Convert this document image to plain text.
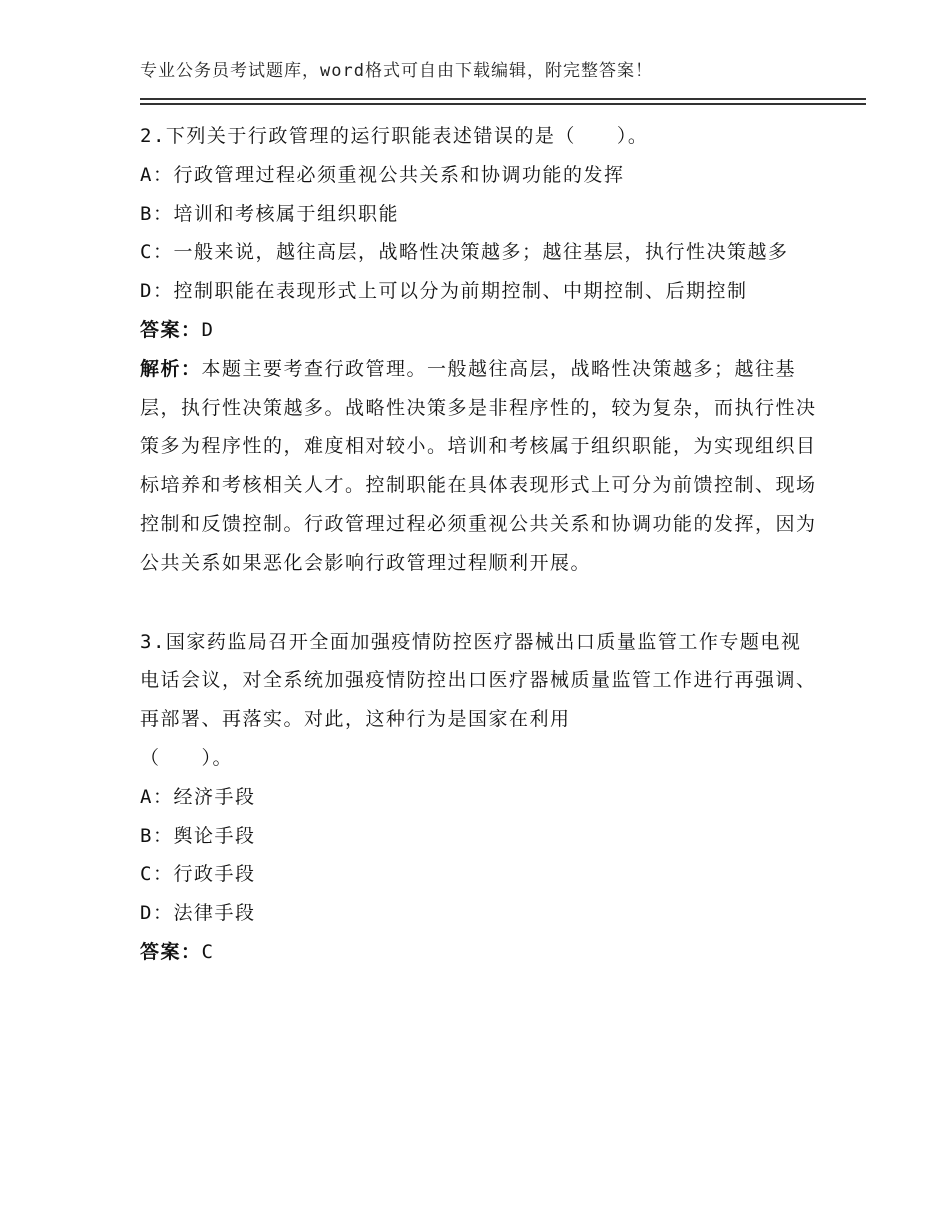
专业公务员考试题库，word格式可自由下载编辑，附完整答案！

2.下列关于行政管理的运行职能表述错误的是（　　）。

A：行政管理过程必须重视公共关系和协调功能的发挥

B：培训和考核属于组织职能

C：一般来说，越往高层，战略性决策越多；越往基层，执行性决策越多

D：控制职能在表现形式上可以分为前期控制、中期控制、后期控制

答案：D

解析：本题主要考查行政管理。一般越往高层，战略性决策越多；越往基层，执行性决策越多。战略性决策多是非程序性的，较为复杂，而执行性决策多为程序性的，难度相对较小。培训和考核属于组织职能，为实现组织目标培养和考核相关人才。控制职能在具体表现形式上可分为前馈控制、现场控制和反馈控制。行政管理过程必须重视公共关系和协调功能的发挥，因为公共关系如果恶化会影响行政管理过程顺利开展。

3.国家药监局召开全面加强疫情防控医疗器械出口质量监管工作专题电视电话会议，对全系统加强疫情防控出口医疗器械质量监管工作进行再强调、再部署、再落实。对此，这种行为是国家在利用

（　　）。

A：经济手段

B：舆论手段

C：行政手段

D：法律手段

答案：C
